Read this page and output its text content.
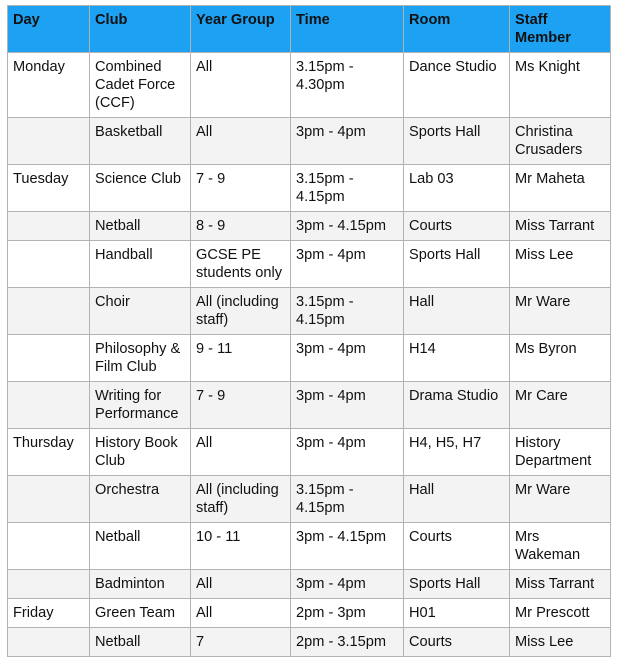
Day	Club	Year Group	Time	Room	Staff Member
Monday	Combined Cadet Force (CCF)	All	3.15pm - 4.30pm	Dance Studio	Ms Knight
	Basketball	All	3pm - 4pm	Sports Hall	Christina Crusaders
Tuesday	Science Club	7 - 9	3.15pm - 4.15pm	Lab 03	Mr Maheta
	Netball	8 - 9	3pm - 4.15pm	Courts	Miss Tarrant
	Handball	GCSE PE students only	3pm - 4pm	Sports Hall	Miss Lee
	Choir	All (including staff)	3.15pm - 4.15pm	Hall	Mr Ware
	Philosophy & Film Club	9 - 11	3pm - 4pm	H14	Ms Byron
	Writing for Performance	7 - 9	3pm - 4pm	Drama Studio	Mr Care
Thursday	History Book Club	All	3pm - 4pm	H4, H5, H7	History Department
	Orchestra	All (including staff)	3.15pm - 4.15pm	Hall	Mr Ware
	Netball	10 - 11	3pm - 4.15pm	Courts	Mrs Wakeman
	Badminton	All	3pm - 4pm	Sports Hall	Miss Tarrant
Friday	Green Team	All	2pm - 3pm	H01	Mr Prescott
	Netball	7	2pm - 3.15pm	Courts	Miss Lee
